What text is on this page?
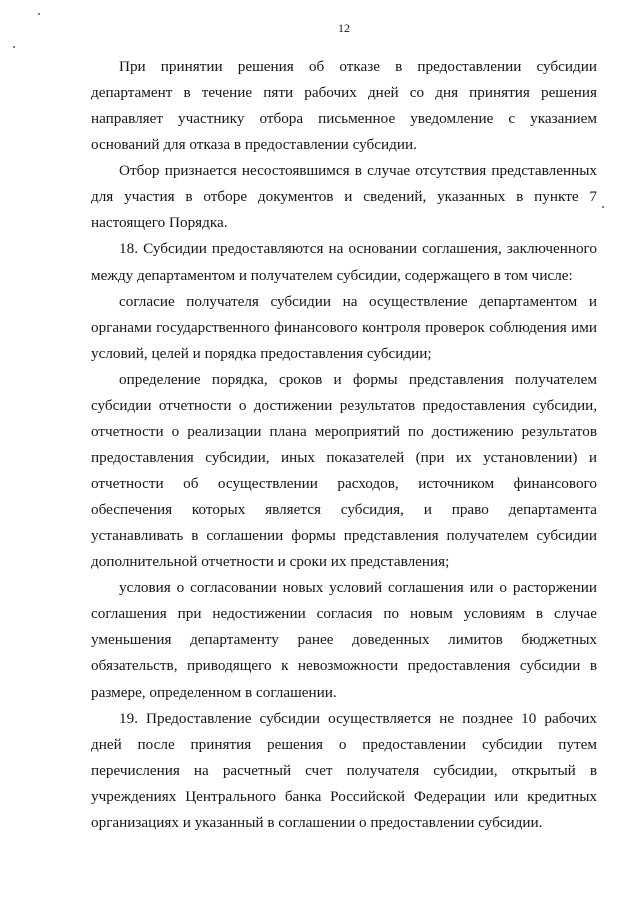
12
При принятии решения об отказе в предоставлении субсидии
департамент в течение пяти рабочих дней со дня принятия решения
направляет участнику отбора письменное уведомление с указанием
оснований для отказа в предоставлении субсидии.
Отбор признается несостоявшимся в случае отсутствия представленных
для участия в отборе документов и сведений, указанных в пункте 7
настоящего Порядка.
18. Субсидии предоставляются на основании соглашения, заключенного
между департаментом и получателем субсидии, содержащего в том числе:
согласие получателя субсидии на осуществление департаментом и
органами государственного финансового контроля проверок соблюдения ими
условий, целей и порядка предоставления субсидии;
определение порядка, сроков и формы представления получателем
субсидии отчетности о достижении результатов предоставления субсидии,
отчетности о реализации плана мероприятий по достижению результатов
предоставления субсидии, иных показателей (при их установлении) и
отчетности об осуществлении расходов, источником финансового
обеспечения которых является субсидия, и право департамента
устанавливать в соглашении формы представления получателем субсидии
дополнительной отчетности и сроки их представления;
условия о согласовании новых условий соглашения или о расторжении
соглашения при недостижении согласия по новым условиям в случае
уменьшения департаменту ранее доведенных лимитов бюджетных
обязательств, приводящего к невозможности предоставления субсидии в
размере, определенном в соглашении.
19. Предоставление субсидии осуществляется не позднее 10 рабочих
дней после принятия решения о предоставлении субсидии путем
перечисления на расчетный счет получателя субсидии, открытый в
учреждениях Центрального банка Российской Федерации или кредитных
организациях и указанный в соглашении о предоставлении субсидии.
